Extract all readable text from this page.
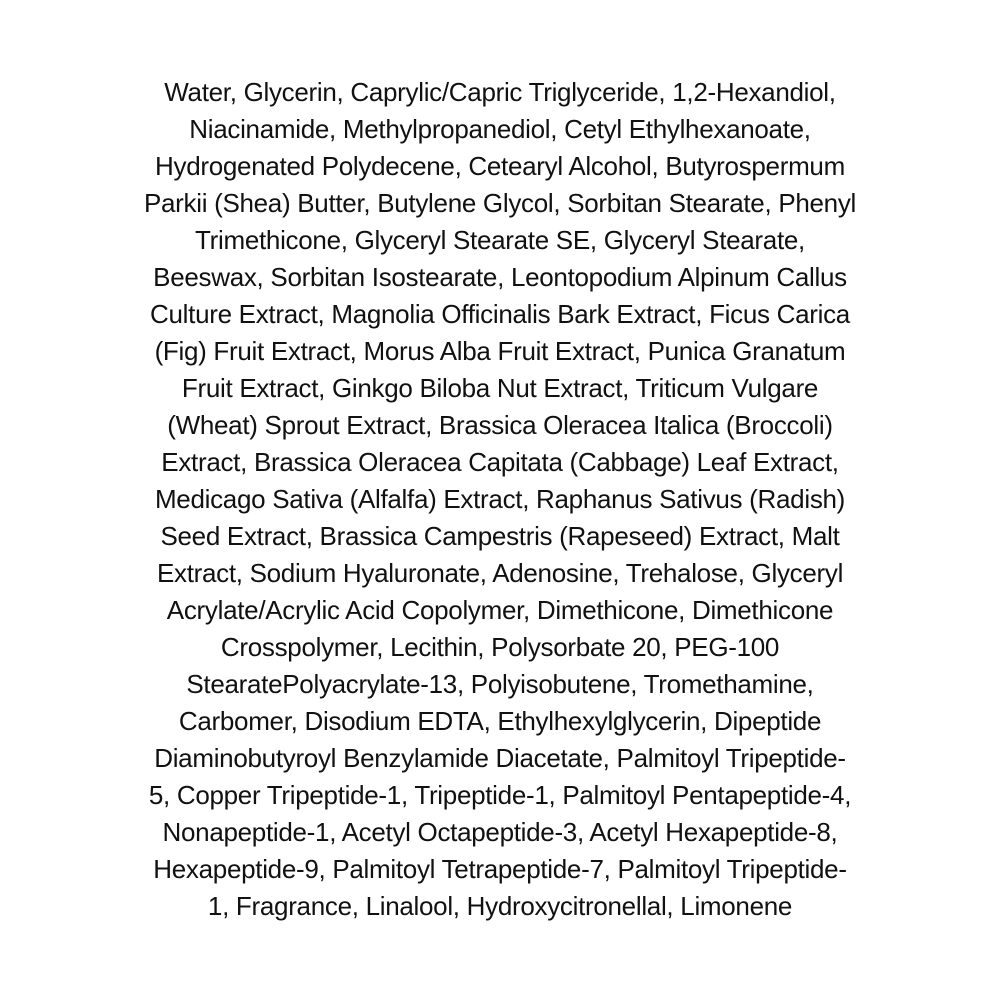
Water, Glycerin, Caprylic/Capric Triglyceride, 1,2-Hexandiol,
Niacinamide, Methylpropanediol, Cetyl Ethylhexanoate,
Hydrogenated Polydecene, Cetearyl Alcohol, Butyrospermum
Parkii (Shea) Butter, Butylene Glycol, Sorbitan Stearate, Phenyl
Trimethicone, Glyceryl Stearate SE, Glyceryl Stearate,
Beeswax, Sorbitan Isostearate, Leontopodium Alpinum Callus
Culture Extract, Magnolia Officinalis Bark Extract, Ficus Carica
(Fig) Fruit Extract, Morus Alba Fruit Extract, Punica Granatum
Fruit Extract, Ginkgo Biloba Nut Extract, Triticum Vulgare
(Wheat) Sprout Extract, Brassica Oleracea Italica (Broccoli)
Extract, Brassica Oleracea Capitata (Cabbage) Leaf Extract,
Medicago Sativa (Alfalfa) Extract, Raphanus Sativus (Radish)
Seed Extract, Brassica Campestris (Rapeseed) Extract, Malt
Extract, Sodium Hyaluronate, Adenosine, Trehalose, Glyceryl
Acrylate/Acrylic Acid Copolymer, Dimethicone, Dimethicone
Crosspolymer, Lecithin, Polysorbate 20, PEG-100
StearatePolyacrylate-13, Polyisobutene, Tromethamine,
Carbomer, Disodium EDTA, Ethylhexylglycerin, Dipeptide
Diaminobutyroyl Benzylamide Diacetate, Palmitoyl Tripeptide-
5, Copper Tripeptide-1, Tripeptide-1, Palmitoyl Pentapeptide-4,
Nonapeptide-1, Acetyl Octapeptide-3, Acetyl Hexapeptide-8,
Hexapeptide-9, Palmitoyl Tetrapeptide-7, Palmitoyl Tripeptide-
1, Fragrance, Linalool, Hydroxycitronellal, Limonene
